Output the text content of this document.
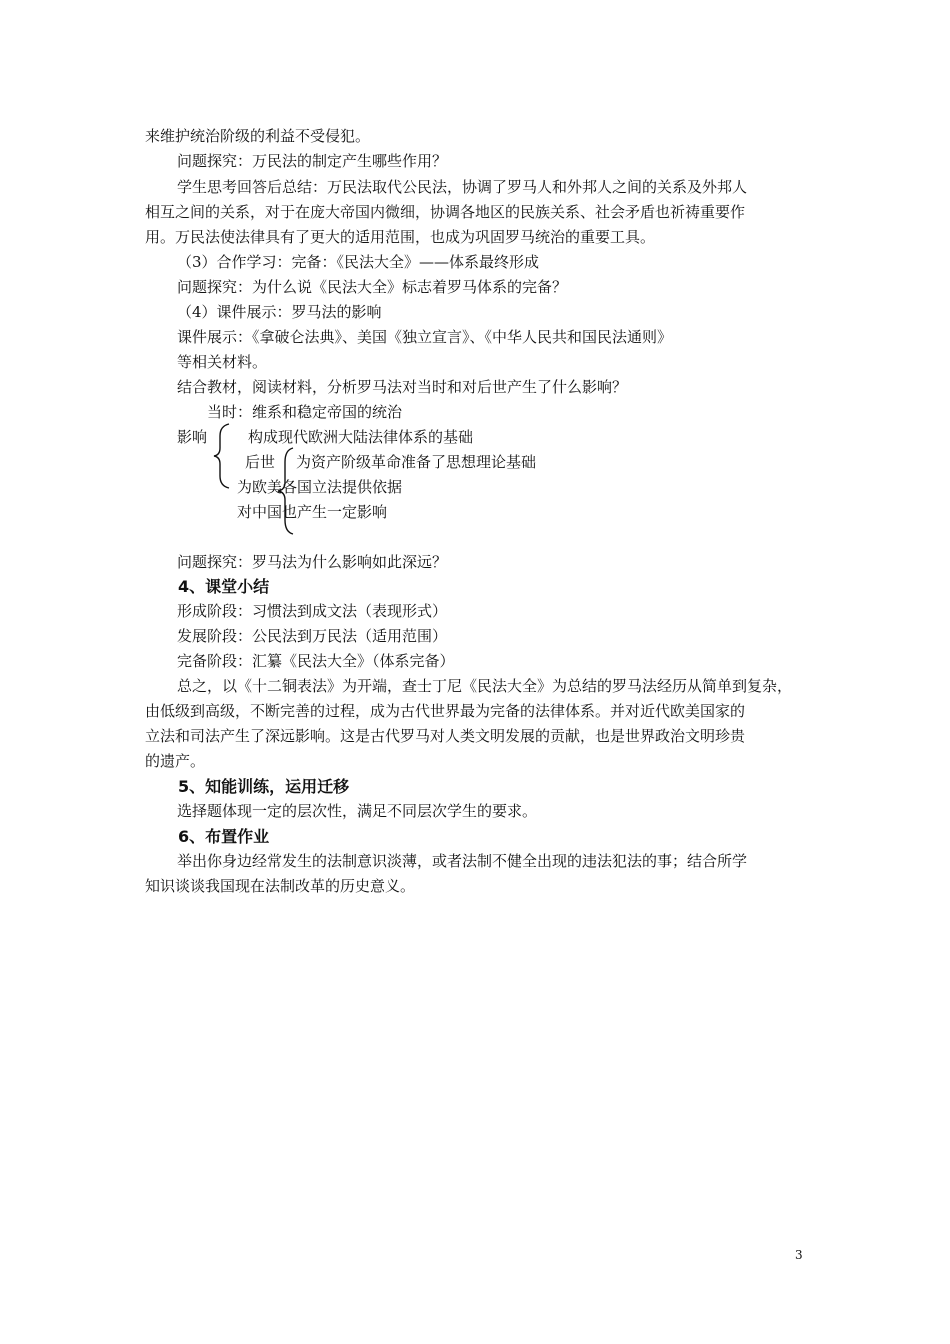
来维护统治阶级的利益不受侵犯。
问题探究：万民法的制定产生哪些作用？
学生思考回答后总结：万民法取代公民法，协调了罗马人和外邦人之间的关系及外邦人
相互之间的关系，对于在庞大帝国内微细，协调各地区的民族关系、社会矛盾也祈祷重要作
用。万民法使法律具有了更大的适用范围，也成为巩固罗马统治的重要工具。
（3）合作学习：完备：《民法大全》——体系最终形成
问题探究：为什么说《民法大全》标志着罗马体系的完备？
（4）课件展示：罗马法的影响
课件展示：《拿破仑法典》、美国《独立宣言》、《中华人民共和国民法通则》
等相关材料。
结合教材，阅读材料，分析罗马法对当时和对后世产生了什么影响？
当时：维系和稳定帝国的统治
影响	构成现代欧洲大陆法律体系的基础
后世 为资产阶级革命准备了思想理论基础
为欧美各国立法提供依据
对中国也产生一定影响
问题探究：罗马法为什么影响如此深远？
4、课堂小结
形成阶段：习惯法到成文法（表现形式）
发展阶段：公民法到万民法（适用范围）
完备阶段：汇纂《民法大全》（体系完备）
总之，以《十二铜表法》为开端，查士丁尼《民法大全》为总结的罗马法经历从简单到复杂，
由低级到高级，不断完善的过程，成为古代世界最为完备的法律体系。并对近代欧美国家的
立法和司法产生了深远影响。这是古代罗马对人类文明发展的贡献，也是世界政治文明珍贵
的遗产。
5、知能训练，运用迁移
选择题体现一定的层次性，满足不同层次学生的要求。
6、布置作业
举出你身边经常发生的法制意识淡薄，或者法制不健全出现的违法犯法的事；结合所学
知识谈谈我国现在法制改革的历史意义。
3
